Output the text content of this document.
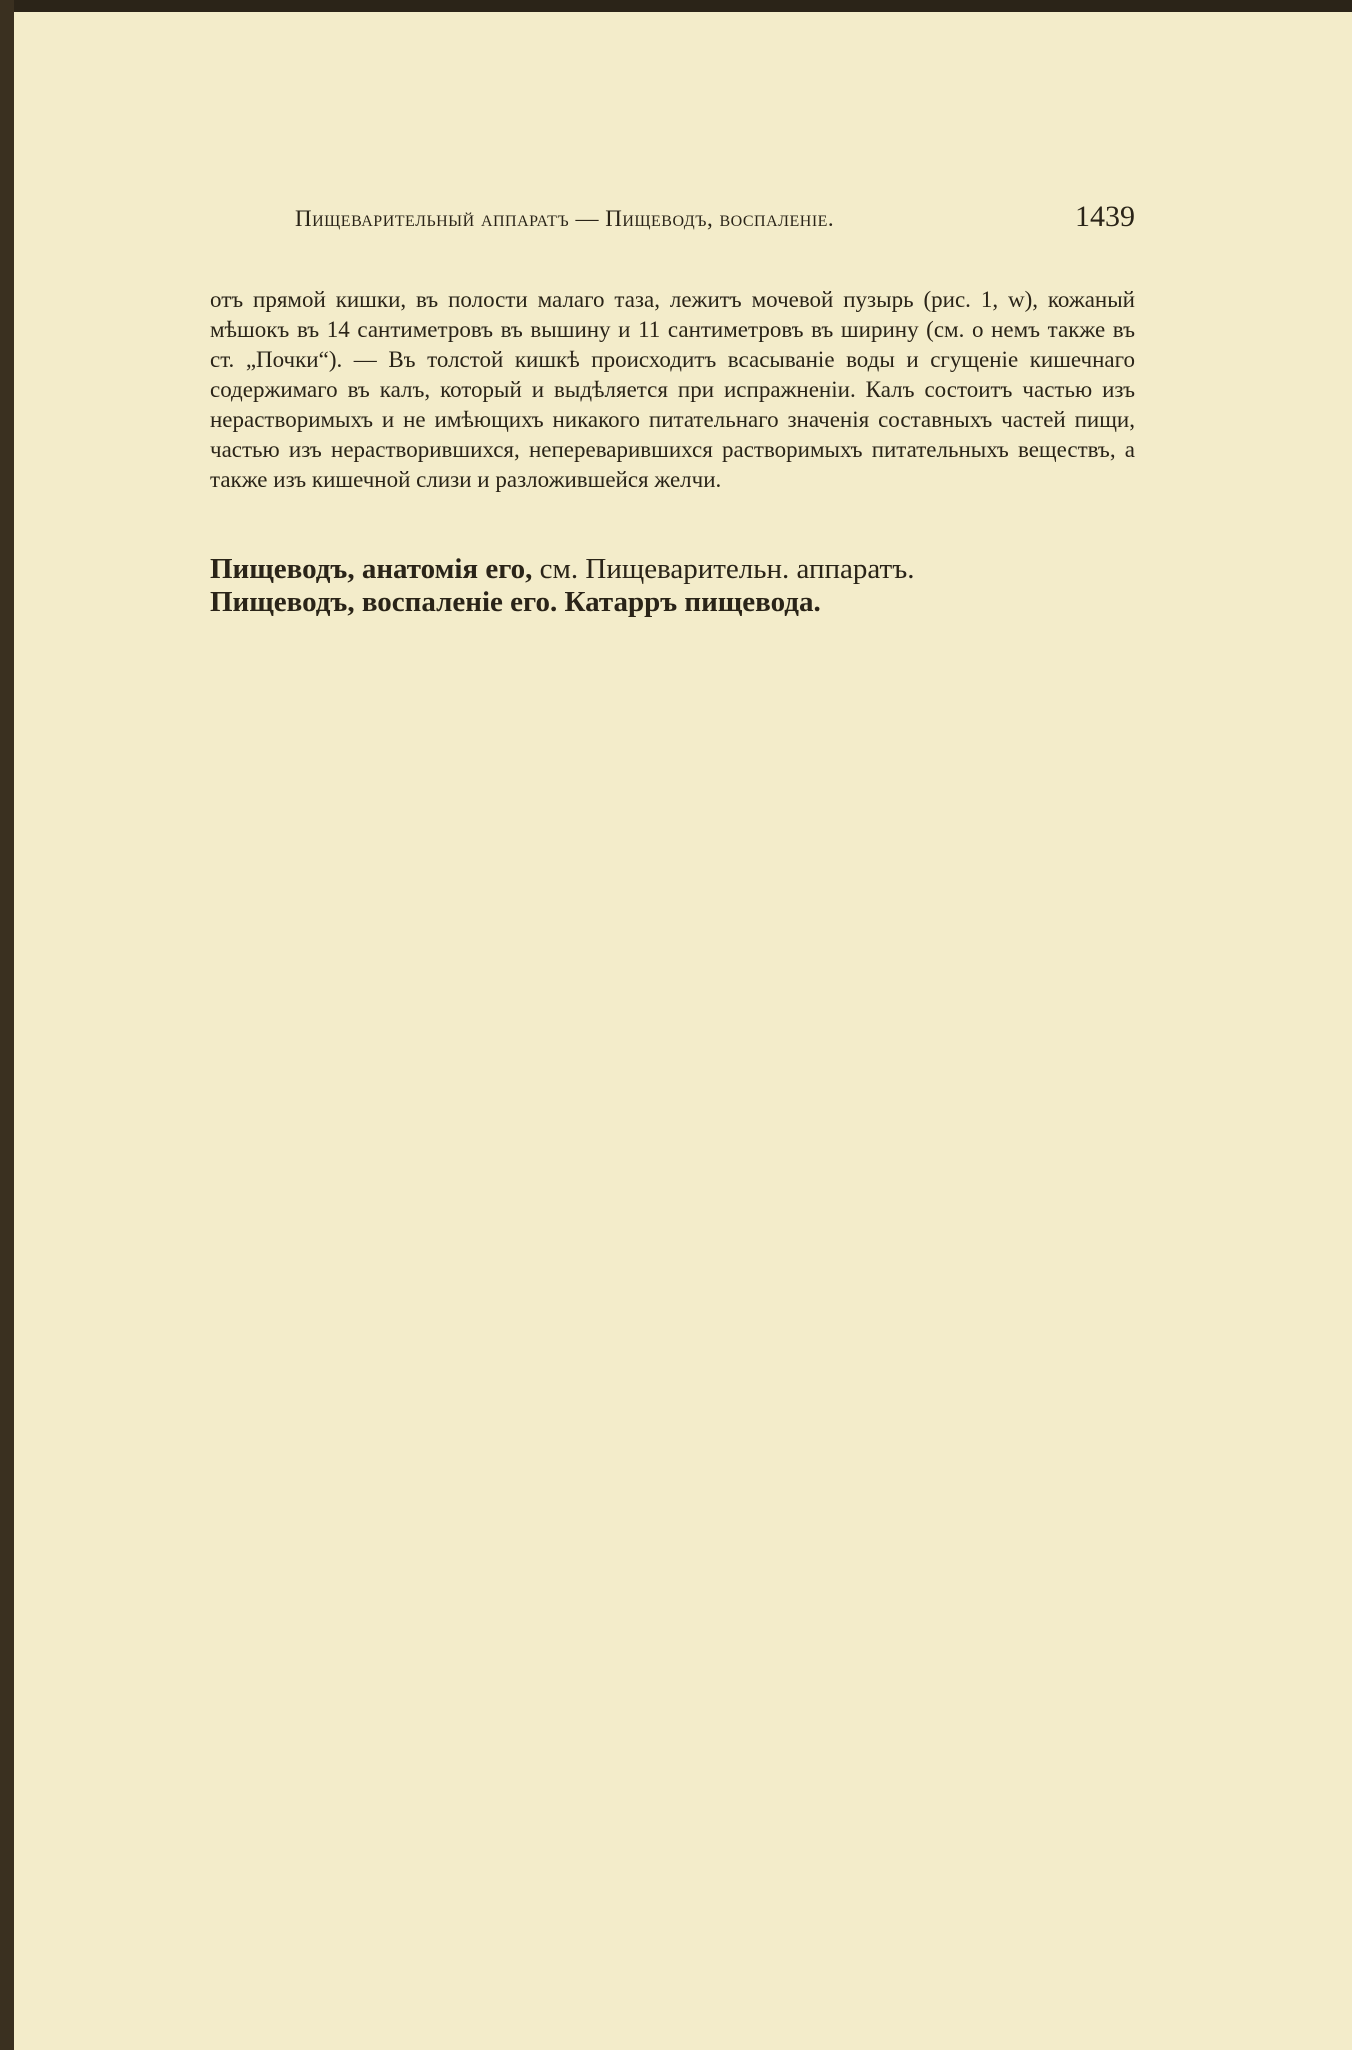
Пищеварительный аппаратъ — Пищеводъ, воспаленіе.	1439

отъ прямой кишки, въ полости малаго таза, лежитъ мочевой пузырь (рис. 1, w), кожаный мѣшокъ въ 14 сантиметровъ въ вышину и 11 сантиметровъ въ ширину (см. о немъ также въ ст. „Почки“). — Въ толстой кишкѣ происходитъ всасываніе воды и сгущеніе кишечнаго содержимаго въ калъ, который и выдѣляется при испражненіи. Калъ состоитъ частью изъ нерастворимыхъ и не имѣющихъ никакого питательнаго значенія составныхъ частей пищи, частью изъ нерастворившихся, непереварившихся растворимыхъ питательныхъ веществъ, а также изъ кишечной слизи и разложившейся желчи.

Пищеводъ, анатомія его, см. Пищеварительн. аппаратъ.

Пищеводъ, воспаленіе его. Катарръ пищевода.
